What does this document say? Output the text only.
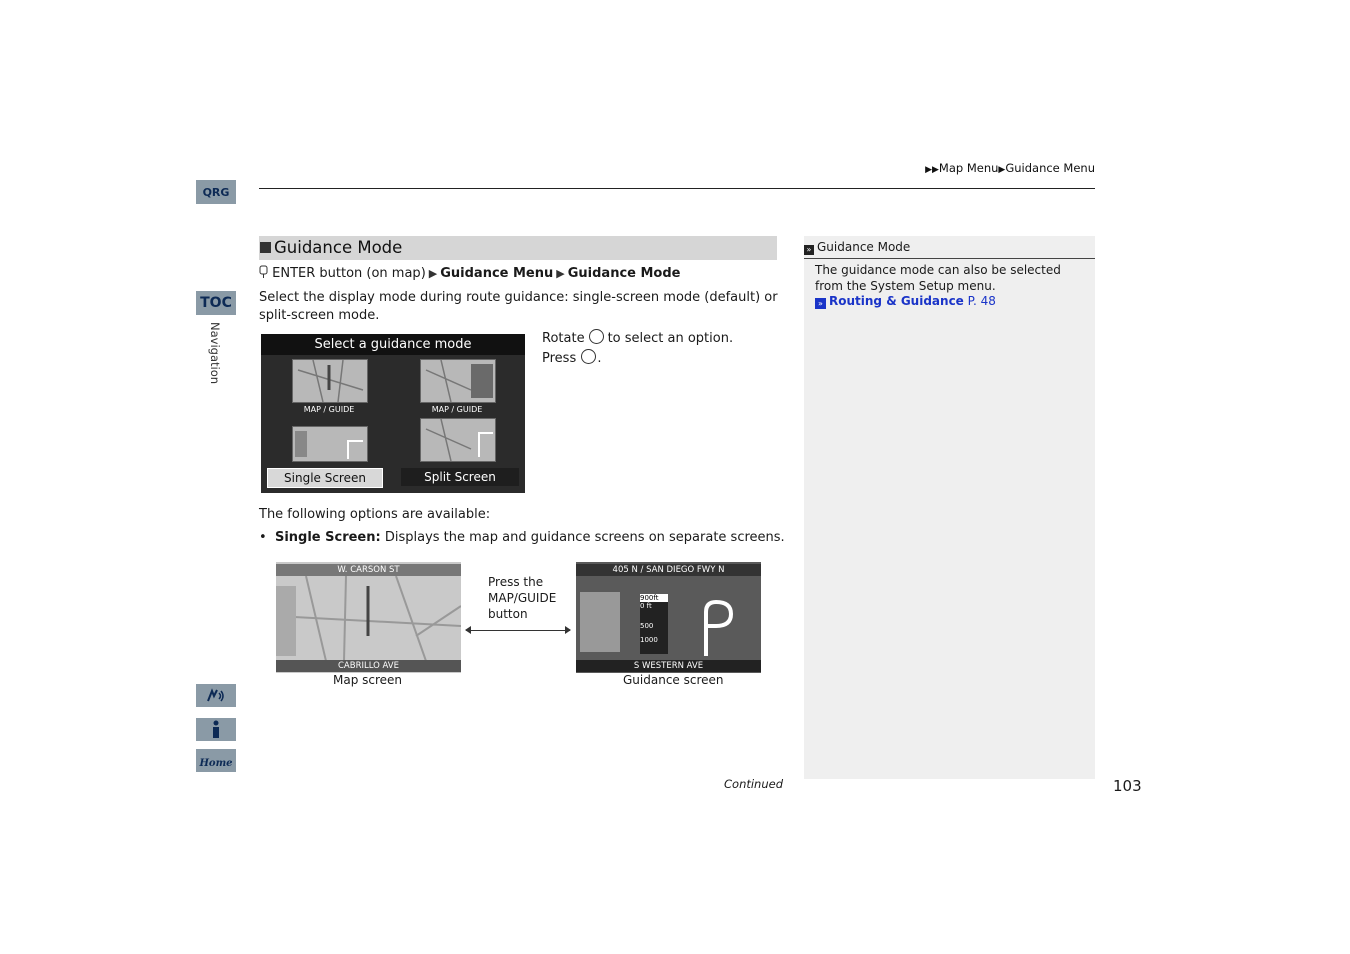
QRG
TOC
Navigation
Home
▶▶Map Menu▶Guidance Menu
Guidance Mode
ENTER button (on map) ▶ Guidance Menu ▶ Guidance Mode
Select the display mode during route guidance: single-screen mode (default) or split-screen mode.
Select a guidance mode
MAP / GUIDE	MAP / GUIDE
Single Screen	Split Screen
Rotate to select an option.
Press .
The following options are available:
•  Single Screen: Displays the map and guidance screens on separate screens.
W. CARSON ST
CABRILLO AVE
Press the MAP/GUIDE button
405 N / SAN DIEGO FWY N
900ft
0 ft
500
1000
S WESTERN AVE
Map screen	Guidance screen
Continued	103
» Guidance Mode
The guidance mode can also be selected from the System Setup menu.
» Routing & Guidance P. 48
